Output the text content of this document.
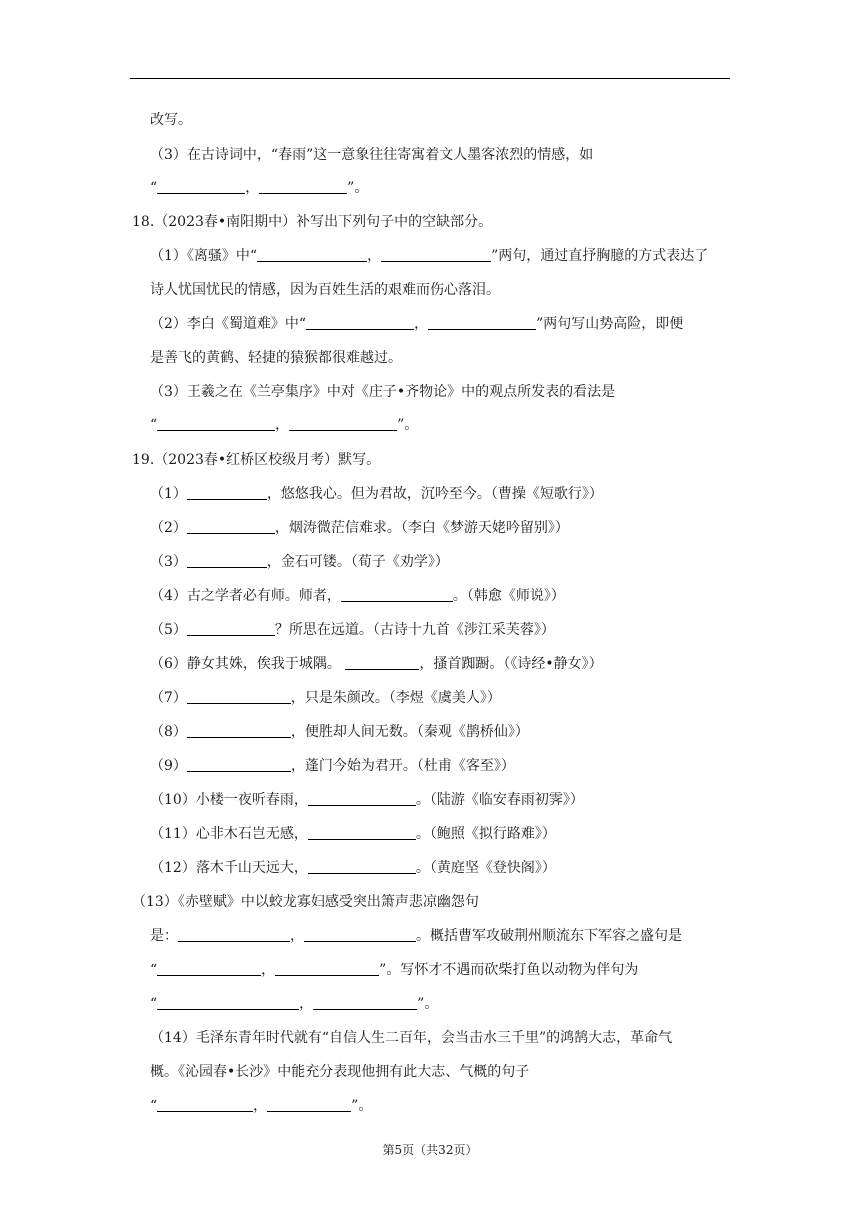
改写。
（3）在古诗词中，“春雨”这一意象往往寄寓着文人墨客浓烈的情感，如
“	，	”。
18.（2023春•南阳期中）补写出下列句子中的空缺部分。
（1）《离骚》中“	，	”两句，通过直抒胸臆的方式表达了
诗人忧国忧民的情感，因为百姓生活的艰难而伤心落泪。
（2）李白《蜀道难》中“	，	”两句写山势高险，即便
是善飞的黄鹤、轻捷的猿猴都很难越过。
（3）王羲之在《兰亭集序》中对《庄子•齐物论》中的观点所发表的看法是
“	，	”。
19.（2023春•红桥区校级月考）默写。
（1）	，悠悠我心。但为君故，沉吟至今。（曹操《短歌行》）
（2）	，烟涛微茫信难求。（李白《梦游天姥吟留别》）
（3）	，金石可镂。（荀子《劝学》）
（4）古之学者必有师。师者，	。（韩愈《师说》）
（5）	？所思在远道。（古诗十九首《涉江采芙蓉》）
（6）静女其姝，俟我于城隅。	，搔首踟蹰。（《诗经•静女》）
（7）	，只是朱颜改。（李煜《虞美人》）
（8）	，便胜却人间无数。（秦观《鹊桥仙》）
（9）	，蓬门今始为君开。（杜甫《客至》）
（10）小楼一夜听春雨，	。（陆游《临安春雨初霁》）
（11）心非木石岂无感，	。（鲍照《拟行路难》）
（12）落木千山天远大，	。（黄庭坚《登快阁》）
（13）《赤壁赋》中以蛟龙寡妇感受突出箫声悲凉幽怨句
是：	，	。概括曹军攻破荆州顺流东下军容之盛句是
“	，	”。写怀才不遇而砍柴打鱼以动物为伴句为
“	，	”。
（14）毛泽东青年时代就有“自信人生二百年，会当击水三千里”的鸿鹄大志，革命气
概。《沁园春•长沙》中能充分表现他拥有此大志、气概的句子
“	，	”。
第5页（共32页）
